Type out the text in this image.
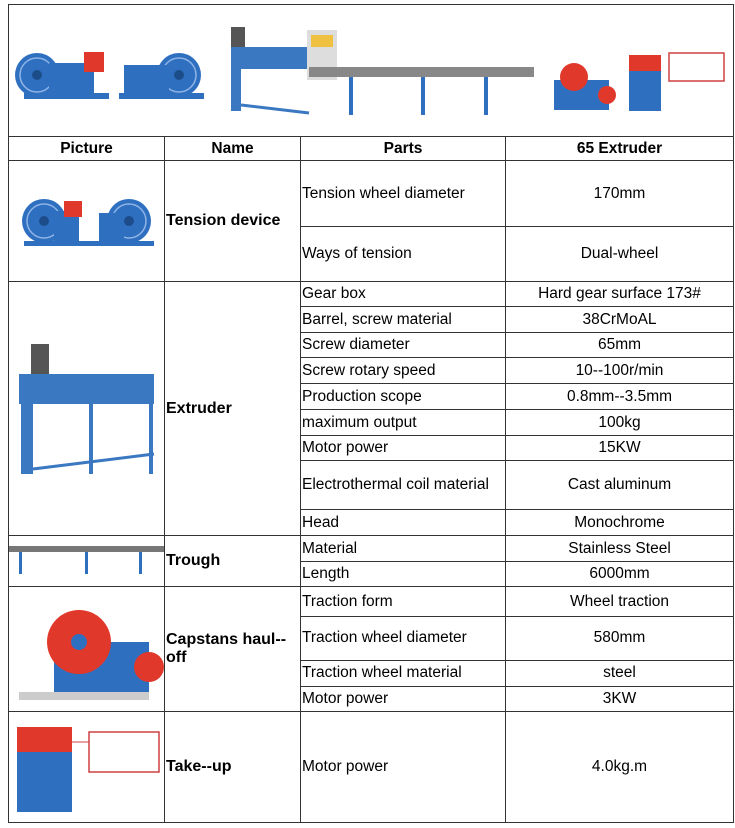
Picture	Name	Parts	65 Extruder

	Tension device	Tension wheel diameter	170mm
		Ways of tension	Dual-wheel

	Extruder	Gear box	Hard gear surface 173#
		Barrel, screw material	38CrMoAL
		Screw diameter	65mm
		Screw rotary speed	10--100r/min
		Production scope	0.8mm--3.5mm
		maximum output	100kg
		Motor power	15KW
		Electrothermal coil material	Cast aluminum
		Head	Monochrome

	Trough	Material	Stainless Steel
		Length	6000mm

	Capstans haul--off	Traction form	Wheel traction
		Traction wheel diameter	580mm
		Traction wheel material	steel
		Motor power	3KW

	Take--up	Motor power	4.0kg.m
